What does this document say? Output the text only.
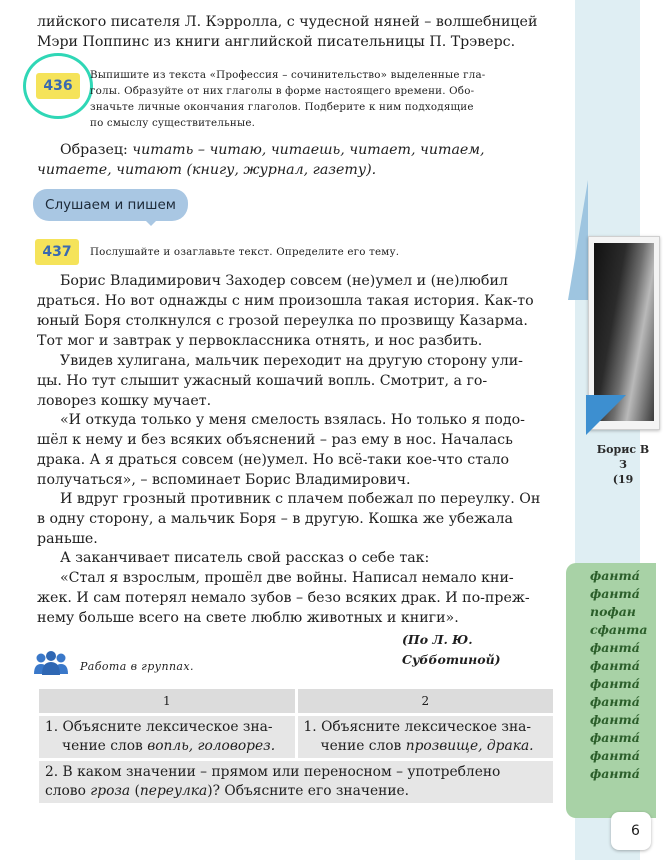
лийского писателя Л. Кэрролла, с чудесной няней – волшебницей

Мэри Поппинс из книги английской писательницы П. Трэверс.

436

Выпишите из текста «Профессия – сочинительство» выделенные гла-

голы. Образуйте от них глаголы в форме настоящего времени. Обо-

значьте личные окончания глаголов. Подберите к ним подходящие

по смыслу существительные.

Образец: читать – читаю, читаешь, читает, читаем,

читаете, читают (книгу, журнал, газету).

Слушаем и пишем
437	Послушайте и озаглавьте текст. Определите его тему.

Борис Владимирович Заходер совсем (не)умел и (не)любил

драться. Но вот однажды с ним произошла такая история. Как-то

юный Боря столкнулся с грозой переулка по прозвищу Казарма.

Тот мог и завтрак у первоклассника отнять, и нос разбить.

Увидев хулигана, мальчик переходит на другую сторону ули-

цы. Но тут слышит ужасный кошачий вопль. Смотрит, а го-

ловорез кошку мучает.

«И откуда только у меня смелость взялась. Но только я подо-

шёл к нему и без всяких объяснений – раз ему в нос. Началась

драка. А я драться совсем (не)умел. Но всё-таки кое-что стало

получаться», – вспоминает Борис Владимирович.

И вдруг грозный противник с плачем побежал по переулку. Он

в одну сторону, а мальчик Боря – в другую. Кошка же убежала

раньше.

А заканчивает писатель свой рассказ о себе так:

«Стал я взрослым, прошёл две войны. Написал немало кни-

жек. И сам потерял немало зубов – безо всяких драк. И по-преж-

нему больше всего на свете люблю животных и книги».

(По Л. Ю. Субботиной)

Работа в группах.

1	2
1. Объясните лексическое зна-
чение слов вопль, головорез.	1. Объясните лексическое зна-
чение слов прозвище, драка.
2. В каком значении – прямом или переносном – употреблено
слово гроза (переулка)? Объясните его значение.	
Борис В
З
(19
фанта́
фанта́
пофан
сфанта
фанта́
фанта́
фанта́
фанта́
фанта́
фанта́
фанта́
фанта́
6
